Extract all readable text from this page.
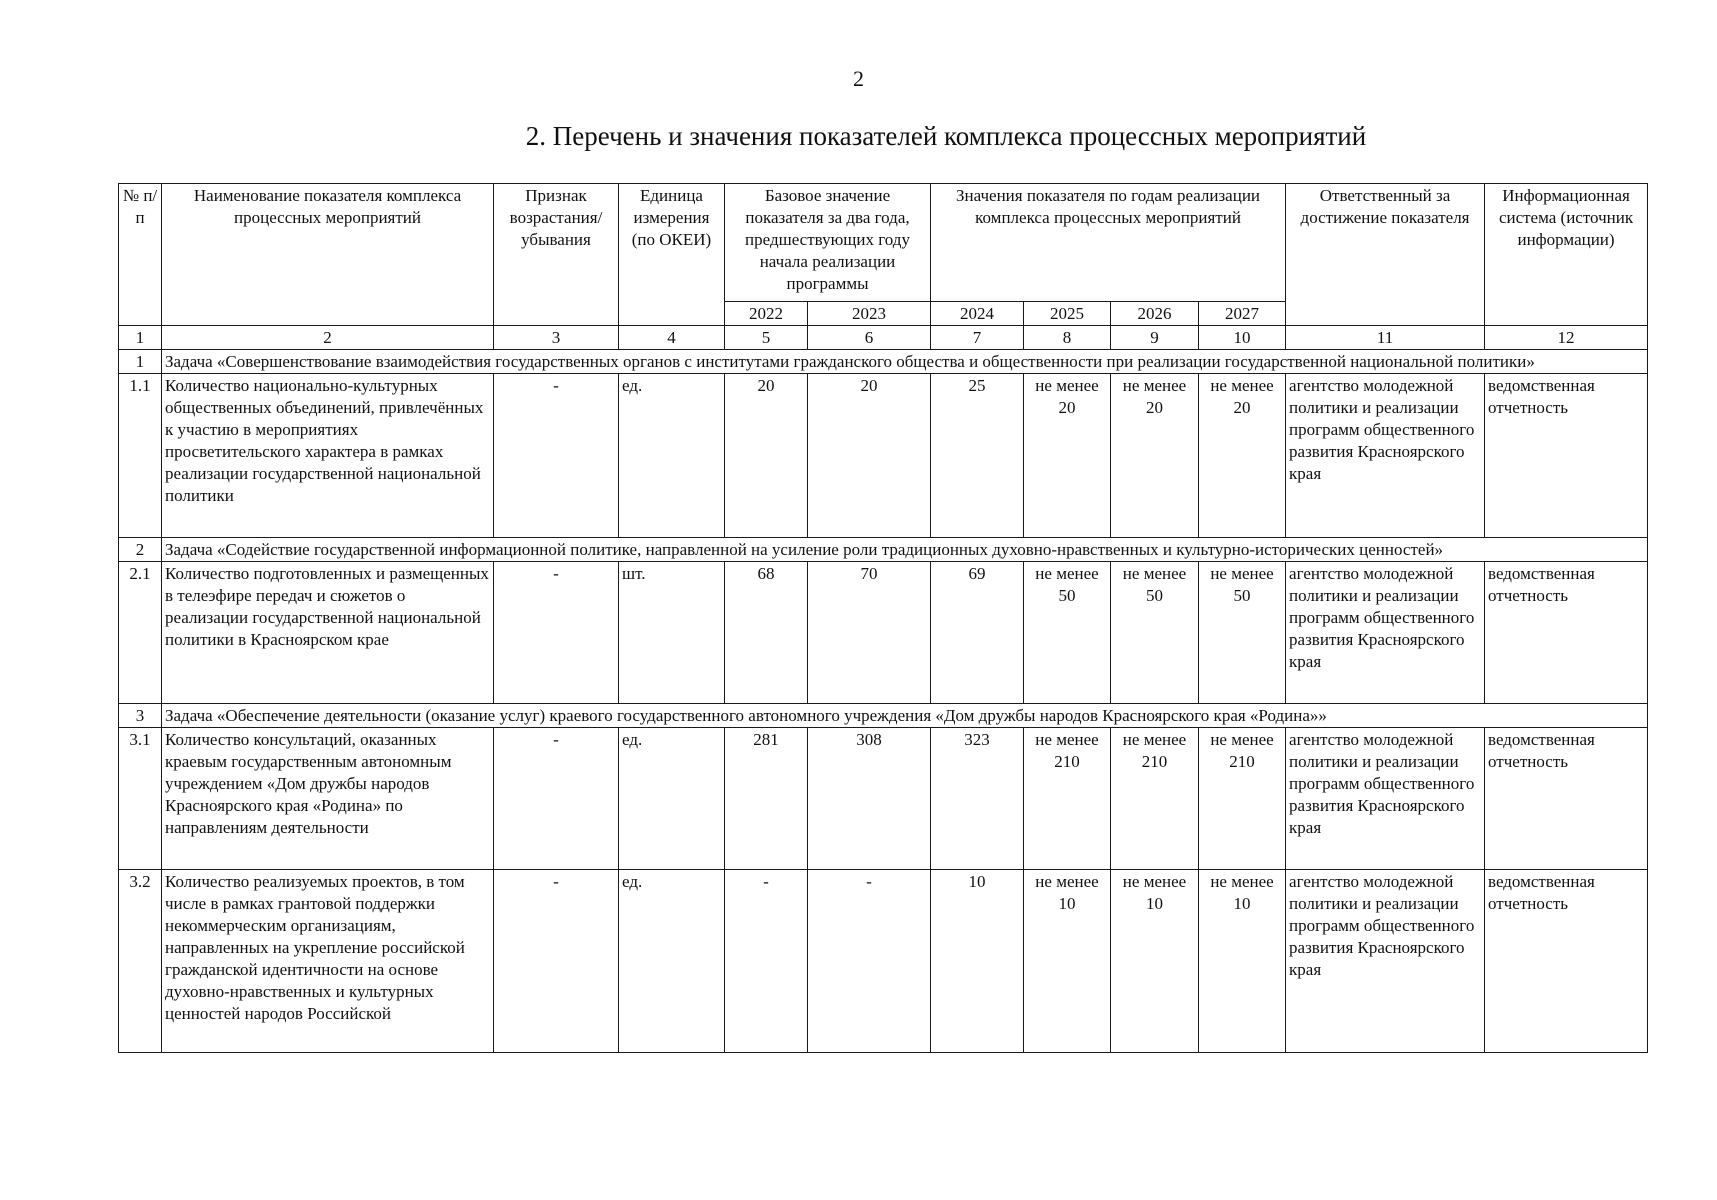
2
2. Перечень и значения показателей комплекса процессных мероприятий
№ п/п	Наименование показателя комплекса процессных мероприятий	Признак возрастания/ убывания	Единица измерения (по ОКЕИ)	Базовое значение показателя за два года, предшествующих году начала реализации программы		Значения показателя по годам реализации комплекса процессных мероприятий				Ответственный за достижение показателя	Информационная система (источник информации)
				2022	2023	2024	2025	2026	2027		
1	2	3	4	5	6	7	8	9	10	11	12
1	Задача «Совершенствование взаимодействия государственных органов с институтами гражданского общества и общественности при реализации государственной национальной политики»										
1.1	Количество национально-культурных общественных объединений, привлечённых к участию в мероприятиях просветительского характера в рамках реализации государственной национальной политики	-	ед.	20	20	25	не менее 20	не менее 20	не менее 20	агентство молодежной политики и реализации программ общественного развития Красноярского края	ведомственная отчетность
2	Задача «Содействие государственной информационной политике, направленной на усиление роли традиционных духовно-нравственных и культурно-исторических ценностей»										
2.1	Количество подготовленных и размещенных в телеэфире передач и сюжетов о реализации государственной национальной политики в Красноярском крае	-	шт.	68	70	69	не менее 50	не менее 50	не менее 50	агентство молодежной политики и реализации программ общественного развития Красноярского края	ведомственная отчетность
3	Задача «Обеспечение деятельности (оказание услуг) краевого государственного автономного учреждения «Дом дружбы народов Красноярского края «Родина»»										
3.1	Количество консультаций, оказанных краевым государственным автономным учреждением «Дом дружбы народов Красноярского края «Родина» по направлениям деятельности	-	ед.	281	308	323	не менее 210	не менее 210	не менее 210	агентство молодежной политики и реализации программ общественного развития Красноярского края	ведомственная отчетность
3.2	Количество реализуемых проектов, в том числе в рамках грантовой поддержки некоммерческим организациям, направленных на укрепление российской гражданской идентичности на основе духовно-нравственных и культурных ценностей народов Российской	-	ед.	-	-	10	не менее 10	не менее 10	не менее 10	агентство молодежной политики и реализации программ общественного развития Красноярского края	ведомственная отчетность
